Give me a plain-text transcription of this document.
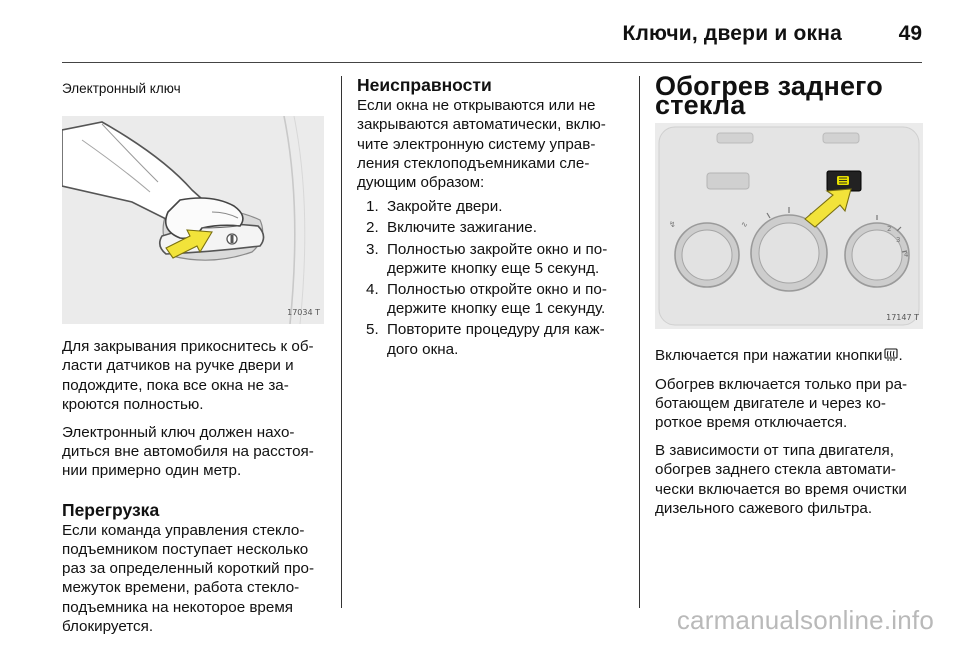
Ключи, двери и окна	49
Электронный ключ
17034 T

Для закрывания прикоснитесь к об-ласти датчиков на ручке двери и подождите, пока все окна не за-кроются полностью.

Электронный ключ должен нахо-диться вне автомобиля на расстоя-нии примерно один метр.

Перегрузка

Если команда управления стекло-подъемником поступает несколько раз за определенный короткий про-межуток времени, работа стекло-подъемника на некоторое время блокируется.

Неисправности

Если окна не открываются или не закрываются автоматически, вклю-чите электронную систему управ-ления стеклоподъемниками сле-дующим образом:

1. Закройте двери.
2. Включите зажигание.
3. Полностью закройте окно и по-держите кнопку еще 5 секунд.
4. Полностью откройте окно и по-держите кнопку еще 1 секунду.
5. Повторите процедуру для каж-дого окна.
Обогрев заднего стекла
2
3
4
↯	∿
17147 T

Включается при нажатии кнопки .

Обогрев включается только при ра-ботающем двигателе и через ко-роткое время отключается.

В зависимости от типа двигателя, обогрев заднего стекла автомати-чески включается во время очистки дизельного сажевого фильтра.

carmanualsonline.info
